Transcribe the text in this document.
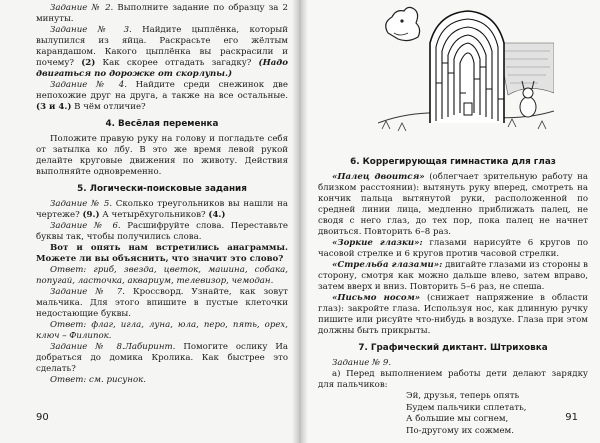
Задание № 2. Выполните задание по образцу за 2 минуты.

Задание № 3. Найдите цыплёнка, который вылупился из яйца. Раскрасьте его жёлтым карандашом. Какого цыплёнка вы раскрасили и почему? (2) Как скорее отгадать загадку? (Надо двигаться по дорожке от скорлупы.)

Задание № 4. Найдите среди снежинок две непохожие друг на друга, а также на все остальные. (3 и 4.) В чём отличие?

4. Весёлая переменка

Положите правую руку на голову и погладьте себя от затылка ко лбу. В это же время левой рукой делайте круговые движения по животу. Действия выполняйте одновременно.

5. Логически-поисковые задания

Задание № 5. Сколько треугольников вы нашли на чертеже? (9.) А четырёхугольников? (4.)

Задание № 6. Расшифруйте слова. Переставьте буквы так, чтобы получились слова.

Вот и опять нам встретились анаграммы. Можете ли вы объяснить, что значит это слово?

Ответ: гриб, звезда, цветок, машина, собака, попугай, ласточка, аквариум, телевизор, чемодан.

Задание № 7. Кроссворд. Узнайте, как зовут мальчика. Для этого впишите в пустые клеточки недостающие буквы.

Ответ: флаг, игла, луна, юла, перо, пять, орех, ключ – Филипок.

Задание № 8.Лабиринт. Помогите ослику Иа добраться до домика Кролика. Как быстрее это сделать?

Ответ: см. рисунок.

90
6. Коррегирующая гимнастика для глаз

«Палец двоится» (облегчает зрительную работу на близком расстоянии): вытянуть руку вперед, смотреть на кончик пальца вытянутой руки, расположенной по средней линии лица, медленно приближать палец, не сводя с него глаз, до тех пор, пока палец не начнет двоиться. Повторить 6–8 раз.

«Зоркие глазки»: глазами нарисуйте 6 кругов по часовой стрелке и 6 кругов против часовой стрелки.

«Стрельба глазами»: двигайте глазами из стороны в сторону, смотря как можно дальше влево, затем вправо, затем вверх и вниз. Повторить 5–6 раз, не спеша.

«Письмо носом» (снижает напряжение в области глаз): закройте глаза. Используя нос, как длинную ручку пишите или рисуйте что-нибудь в воздухе. Глаза при этом должны быть прикрыты.

7. Графический диктант. Штриховка

Задание № 9.

а) Перед выполнением работы дети делают зарядку для пальчиков:

Эй, друзья, теперь опять

Будем пальчики сплетать,

А большие мы согнем,

По-другому их сожмем.

91
